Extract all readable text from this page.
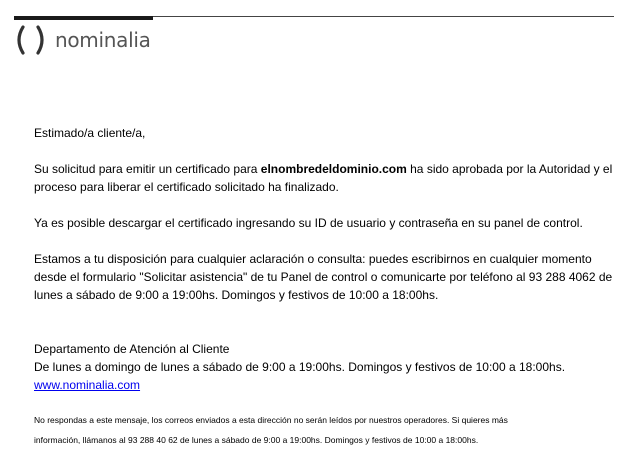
nominalia

Estimado/a cliente/a,

Su solicitud para emitir un certificado para elnombredeldominio.com ha sido aprobada por la Autoridad y el proceso para liberar el certificado solicitado ha finalizado.

Ya es posible descargar el certificado ingresando su ID de usuario y contraseña en su panel de control.

Estamos a tu disposición para cualquier aclaración o consulta: puedes escribirnos en cualquier momento desde el formulario "Solicitar asistencia" de tu Panel de control o comunicarte por teléfono al 93 288 4062 de lunes a sábado de 9:00 a 19:00hs. Domingos y festivos de 10:00 a 18:00hs.

Departamento de Atención al Cliente

De lunes a domingo de lunes a sábado de 9:00 a 19:00hs. Domingos y festivos de 10:00 a 18:00hs.

www.nominalia.com

No respondas a este mensaje, los correos enviados a esta dirección no serán leídos por nuestros operadores. Si quieres más
información, llámanos al 93 288 40 62 de lunes a sábado de 9:00 a 19:00hs. Domingos y festivos de 10:00 a 18:00hs.
